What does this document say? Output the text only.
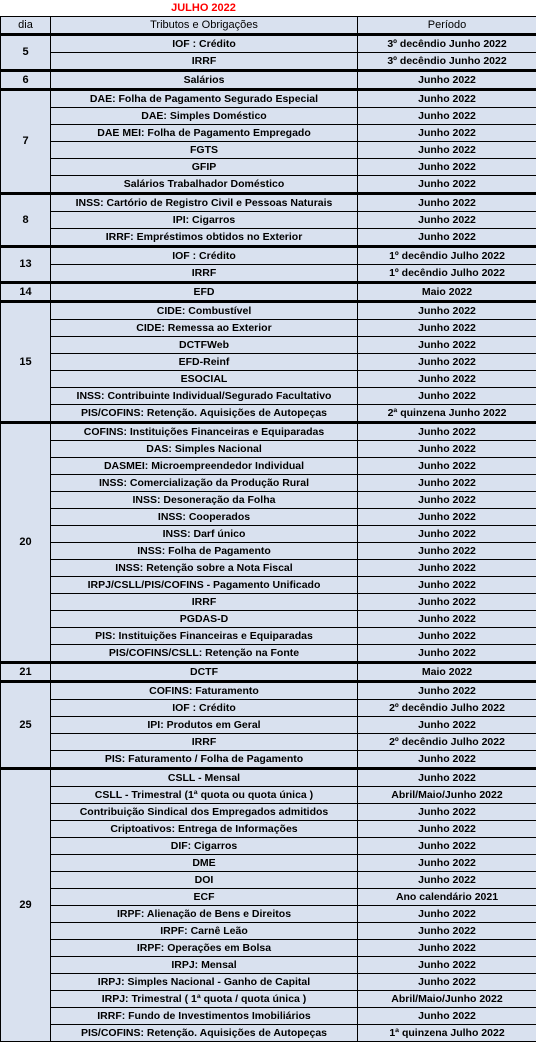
JULHO 2022
dia	Tributos e Obrigações	Período
5	IOF : Crédito	3º decêndio Junho 2022
	IRRF	3º decêndio Junho 2022
6	Salários	Junho 2022
7	DAE: Folha de Pagamento Segurado Especial	Junho 2022
	DAE: Simples Doméstico	Junho 2022
	DAE MEI: Folha de Pagamento Empregado	Junho 2022
	FGTS	Junho 2022
	GFIP	Junho 2022
	Salários Trabalhador Doméstico	Junho 2022
8	INSS: Cartório de Registro Civil e Pessoas Naturais	Junho 2022
	IPI: Cigarros	Junho 2022
	IRRF: Empréstimos obtidos no Exterior	Junho 2022
13	IOF : Crédito	1º decêndio Julho 2022
	IRRF	1º decêndio Julho 2022
14	EFD	Maio 2022
15	CIDE: Combustível	Junho 2022
	CIDE: Remessa ao Exterior	Junho 2022
	DCTFWeb	Junho 2022
	EFD-Reinf	Junho 2022
	ESOCIAL	Junho 2022
	INSS: Contribuinte Individual/Segurado Facultativo	Junho 2022
	PIS/COFINS: Retenção. Aquisições de Autopeças	2ª quinzena Junho 2022
20	COFINS: Instituições Financeiras e Equiparadas	Junho 2022
	DAS: Simples Nacional	Junho 2022
	DASMEI: Microempreendedor Individual	Junho 2022
	INSS: Comercialização da Produção Rural	Junho 2022
	INSS: Desoneração da Folha	Junho 2022
	INSS: Cooperados	Junho 2022
	INSS: Darf único	Junho 2022
	INSS: Folha de Pagamento	Junho 2022
	INSS: Retenção sobre a Nota Fiscal	Junho 2022
	IRPJ/CSLL/PIS/COFINS - Pagamento Unificado	Junho 2022
	IRRF	Junho 2022
	PGDAS-D	Junho 2022
	PIS: Instituições Financeiras e Equiparadas	Junho 2022
	PIS/COFINS/CSLL: Retenção na Fonte	Junho 2022
21	DCTF	Maio 2022
25	COFINS: Faturamento	Junho 2022
	IOF : Crédito	2º decêndio Julho 2022
	IPI: Produtos em Geral	Junho 2022
	IRRF	2º decêndio Julho 2022
	PIS: Faturamento / Folha de Pagamento	Junho 2022
29	CSLL - Mensal	Junho 2022
	CSLL - Trimestral (1ª quota ou quota única )	Abril/Maio/Junho 2022
	Contribuição Sindical dos Empregados admitidos	Junho 2022
	Criptoativos: Entrega de Informações	Junho 2022
	DIF: Cigarros	Junho 2022
	DME	Junho 2022
	DOI	Junho 2022
	ECF	Ano calendário 2021
	IRPF: Alienação de Bens e Direitos	Junho 2022
	IRPF: Carnê Leão	Junho 2022
	IRPF: Operações em Bolsa	Junho 2022
	IRPJ: Mensal	Junho 2022
	IRPJ: Simples Nacional - Ganho de Capital	Junho 2022
	IRPJ: Trimestral ( 1ª quota / quota única )	Abril/Maio/Junho 2022
	IRRF: Fundo de Investimentos Imobiliários	Junho 2022
	PIS/COFINS: Retenção. Aquisições de Autopeças	1ª quinzena Julho 2022
